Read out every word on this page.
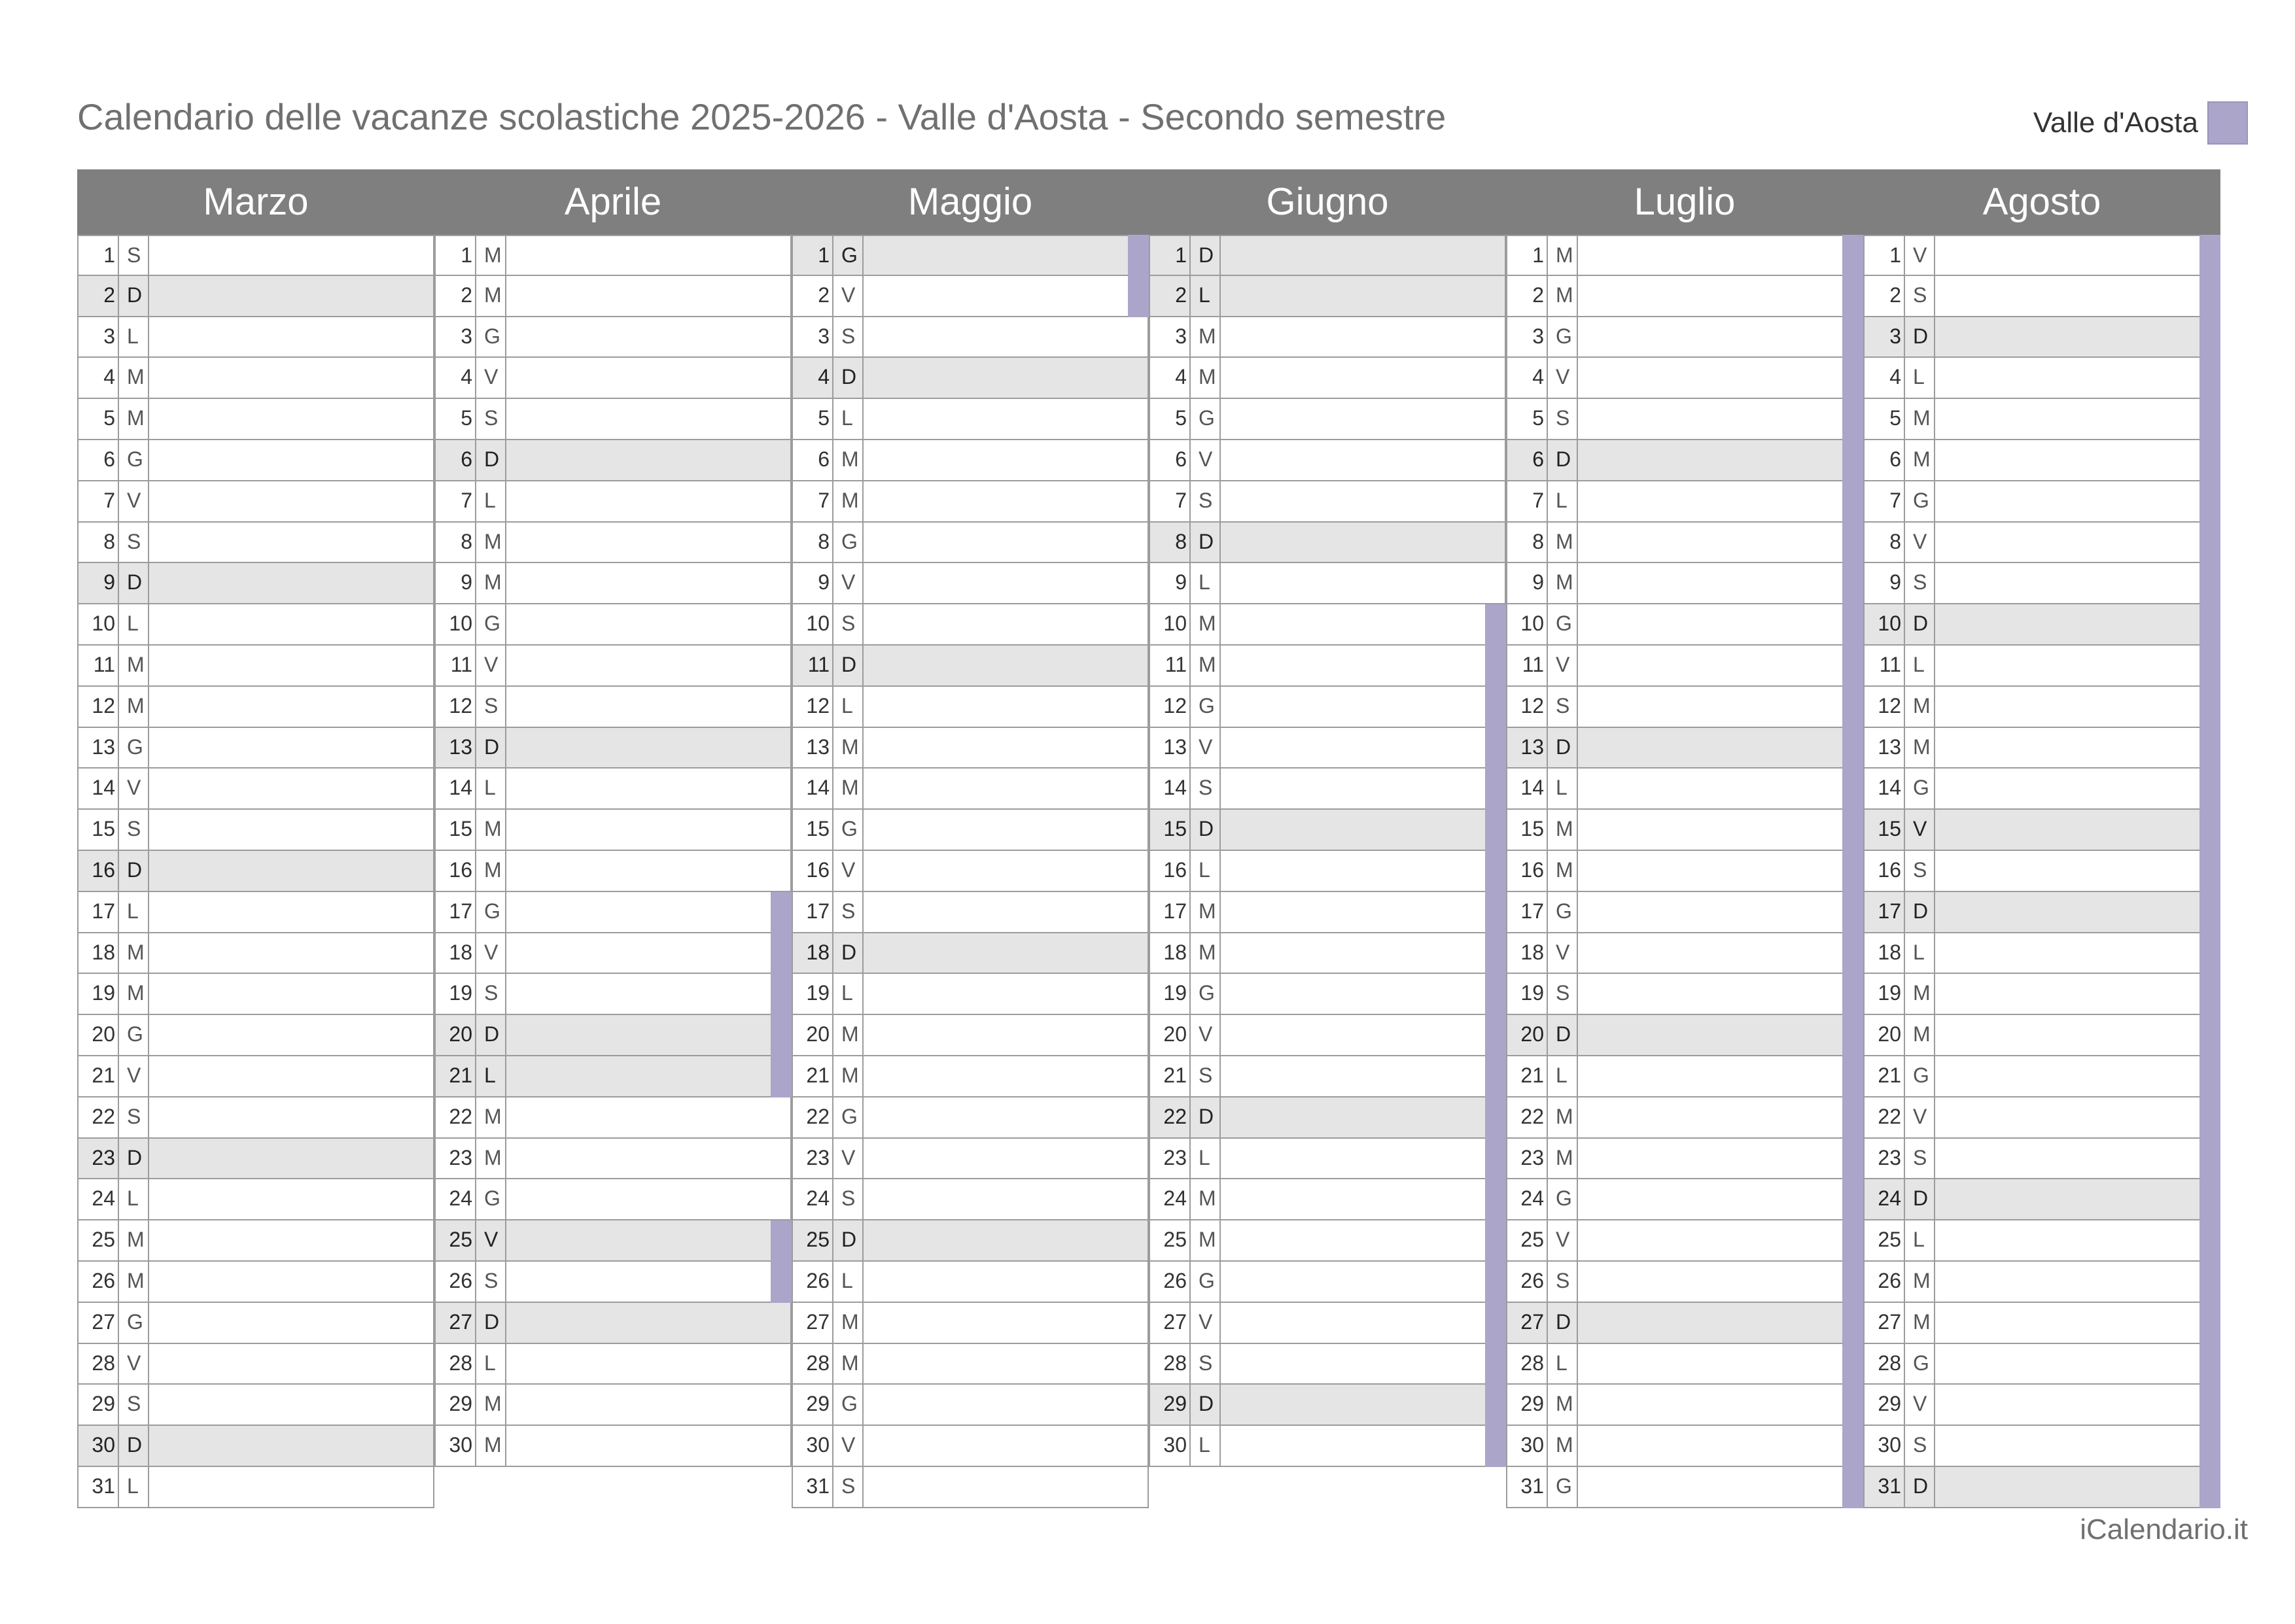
Calendario delle vacanze scolastiche 2025-2026 - Valle d'Aosta - Secondo semestre	Valle d'Aosta
Marzo
1 S
2 D
3 L
4 M
5 M
6 G
7 V
8 S
9 D
10 L
11 M
12 M
13 G
14 V
15 S
16 D
17 L
18 M
19 M
20 G
21 V
22 S
23 D
24 L
25 M
26 M
27 G
28 V
29 S
30 D
31 L
Aprile
1 M
2 M
3 G
4 V
5 S
6 D
7 L
8 M
9 M
10 G
11 V
12 S
13 D
14 L
15 M
16 M
17 G
18 V
19 S
20 D
21 L
22 M
23 M
24 G
25 V
26 S
27 D
28 L
29 M
30 M
Maggio
1 G
2 V
3 S
4 D
5 L
6 M
7 M
8 G
9 V
10 S
11 D
12 L
13 M
14 M
15 G
16 V
17 S
18 D
19 L
20 M
21 M
22 G
23 V
24 S
25 D
26 L
27 M
28 M
29 G
30 V
31 S
Giugno
1 D
2 L
3 M
4 M
5 G
6 V
7 S
8 D
9 L
10 M
11 M
12 G
13 V
14 S
15 D
16 L
17 M
18 M
19 G
20 V
21 S
22 D
23 L
24 M
25 M
26 G
27 V
28 S
29 D
30 L
Luglio
1 M
2 M
3 G
4 V
5 S
6 D
7 L
8 M
9 M
10 G
11 V
12 S
13 D
14 L
15 M
16 M
17 G
18 V
19 S
20 D
21 L
22 M
23 M
24 G
25 V
26 S
27 D
28 L
29 M
30 M
31 G
Agosto
1 V
2 S
3 D
4 L
5 M
6 M
7 G
8 V
9 S
10 D
11 L
12 M
13 M
14 G
15 V
16 S
17 D
18 L
19 M
20 M
21 G
22 V
23 S
24 D
25 L
26 M
27 M
28 G
29 V
30 S
31 D
iCalendario.it
